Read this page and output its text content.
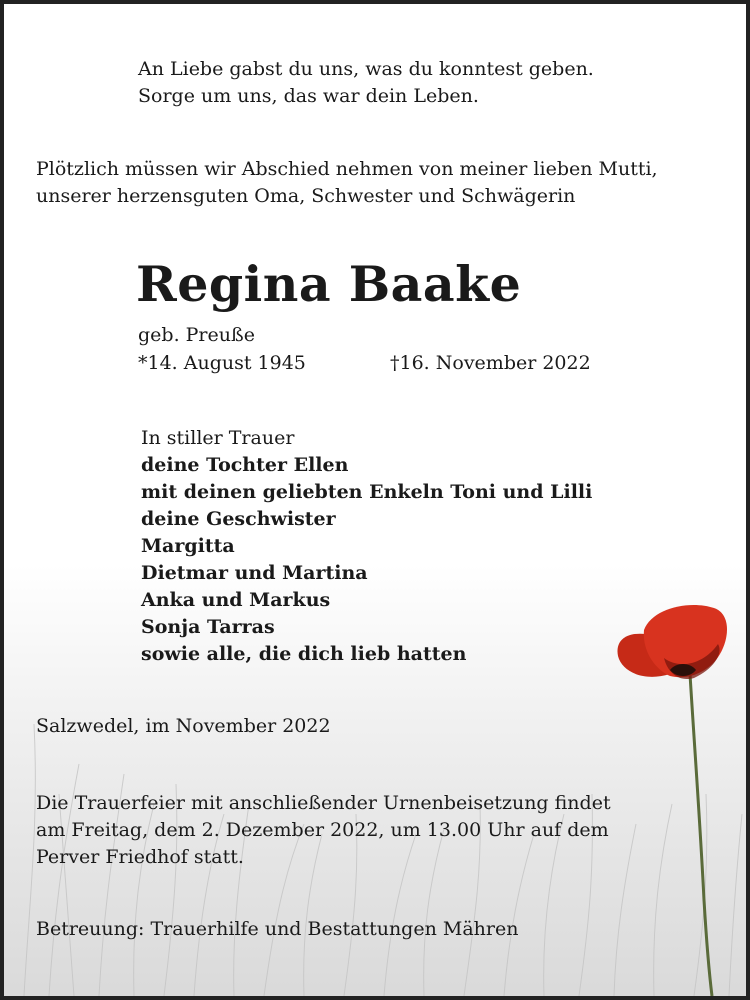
An Liebe gabst du uns, was du konntest geben.
Sorge um uns, das war dein Leben.

Plötzlich müssen wir Abschied nehmen von meiner lieben Mutti,
unserer herzensguten Oma, Schwester und Schwägerin

Regina Baake

geb. Preuße

*14. August 1945	†16. November 2022

In stiller Trauer

deine Tochter Ellen
mit deinen geliebten Enkeln Toni und Lilli
deine Geschwister
Margitta
Dietmar und Martina
Anka und Markus
Sonja Tarras
sowie alle, die dich lieb hatten

Salzwedel, im November 2022

Die Trauerfeier mit anschließender Urnenbeisetzung findet
am Freitag, dem 2. Dezember 2022, um 13.00 Uhr auf dem
Perver Friedhof statt.

Betreuung: Trauerhilfe und Bestattungen Mähren
